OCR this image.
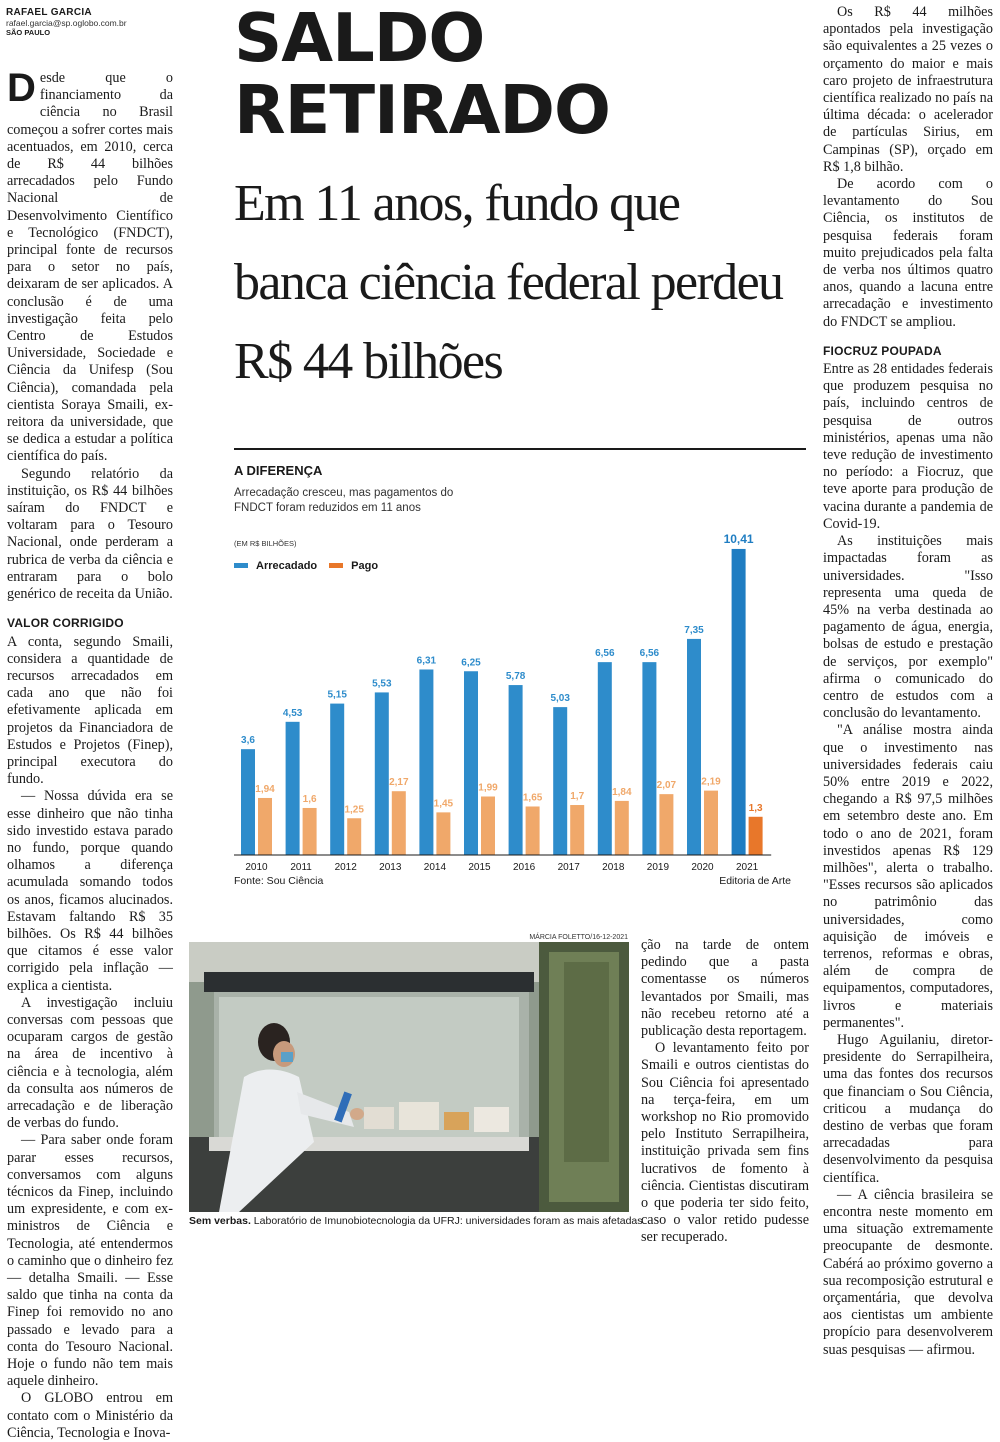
RAFAEL GARCIA
rafael.garcia@sp.oglobo.com.br
SÃO PAULO

Desde que o financiamento da ciência no Brasil começou a sofrer cortes mais acentuados, em 2010, cerca de R$ 44 bilhões arrecadados pelo Fundo Nacional de Desenvolvimento Científico e Tecnológico (FNDCT), principal fonte de recursos para o setor no país, deixaram de ser aplicados. A conclusão é de uma investigação feita pelo Centro de Estudos Universidade, Sociedade e Ciência da Unifesp (Sou Ciência), comandada pela cientista Soraya Smaili, ex-reitora da universidade, que se dedica a estudar a política científica do país.

Segundo relatório da instituição, os R$ 44 bilhões saíram do FNDCT e voltaram para o Tesouro Nacional, onde perderam a rubrica de verba da ciência e entraram para o bolo genérico de receita da União.

VALOR CORRIGIDO

A conta, segundo Smaili, considera a quantidade de recursos arrecadados em cada ano que não foi efetivamente aplicada em projetos da Financiadora de Estudos e Projetos (Finep), principal executora do fundo.

— Nossa dúvida era se esse dinheiro que não tinha sido investido estava parado no fundo, porque quando olhamos a diferença acumulada somando todos os anos, ficamos alucinados. Estavam faltando R$ 35 bilhões. Os R$ 44 bilhões que citamos é esse valor corrigido pela inflação — explica a cientista.

A investigação incluiu conversas com pessoas que ocuparam cargos de gestão na área de incentivo à ciência e à tecnologia, além da consulta aos números de arrecadação e de liberação de verbas do fundo.

— Para saber onde foram parar esses recursos, conversamos com alguns técnicos da Finep, incluindo um expresidente, e com ex-ministros de Ciência e Tecnologia, até entendermos o caminho que o dinheiro fez — detalha Smaili. — Esse saldo que tinha na conta da Finep foi removido no ano passado e levado para a conta do Tesouro Nacional. Hoje o fundo não tem mais aquele dinheiro.

O GLOBO entrou em contato com o Ministério da Ciência, Tecnologia e Inova-

SALDO RETIRADO
Em 11 anos, fundo que banca ciência federal perdeu R$ 44 bilhões
A DIFERENÇA
Arrecadação cresceu, mas pagamentos do FNDCT foram reduzidos em 11 anos
(EM R$ BILHÕES)
Arrecadado	Pago
3,6
1,94
2010
4,53
1,6
2011
5,15
1,25
2012
5,53
2,17
2013
6,31
1,45
2014
6,25
1,99
2015
5,78
1,65
2016
5,03
1,7
2017
6,56
1,84
2018
6,56
2,07
2019
7,35
2,19
2020
10,41
1,3
2021
Fonte: Sou Ciência	Editoria de Arte
MÁRCIA FOLETTO/16-12-2021
Sem verbas. Laboratório de Imunobiotecnologia da UFRJ: universidades foram as mais afetadas

ção na tarde de ontem pedindo que a pasta comentasse os números levantados por Smaili, mas não recebeu retorno até a publicação desta reportagem.

O levantamento feito por Smaili e outros cientistas do Sou Ciência foi apresentado na terça-feira, em um workshop no Rio promovido pelo Instituto Serrapilheira, instituição privada sem fins lucrativos de fomento à ciência. Cientistas discutiram o que poderia ter sido feito, caso o valor retido pudesse ser recuperado.

Os R$ 44 milhões apontados pela investigação são equivalentes a 25 vezes o orçamento do maior e mais caro projeto de infraestrutura científica realizado no país na última década: o acelerador de partículas Sirius, em Campinas (SP), orçado em R$ 1,8 bilhão.

De acordo com o levantamento do Sou Ciência, os institutos de pesquisa federais foram muito prejudicados pela falta de verba nos últimos quatro anos, quando a lacuna entre arrecadação e investimento do FNDCT se ampliou.

FIOCRUZ POUPADA

Entre as 28 entidades federais que produzem pesquisa no país, incluindo centros de pesquisa de outros ministérios, apenas uma não teve redução de investimento no período: a Fiocruz, que teve aporte para produção de vacina durante a pandemia de Covid-19.

As instituições mais impactadas foram as universidades. "Isso representa uma queda de 45% na verba destinada ao pagamento de água, energia, bolsas de estudo e prestação de serviços, por exemplo" afirma o comunicado do centro de estudos com a conclusão do levantamento.

"A análise mostra ainda que o investimento nas universidades federais caiu 50% entre 2019 e 2022, chegando a R$ 97,5 milhões em setembro deste ano. Em todo o ano de 2021, foram investidos apenas R$ 129 milhões", alerta o trabalho. "Esses recursos são aplicados no patrimônio das universidades, como aquisição de imóveis e terrenos, reformas e obras, além de compra de equipamentos, computadores, livros e materiais permanentes".

Hugo Aguilaniu, diretor-presidente do Serrapilheira, uma das fontes dos recursos que financiam o Sou Ciência, criticou a mudança do destino de verbas que foram arrecadadas para desenvolvimento da pesquisa científica.

— A ciência brasileira se encontra neste momento em uma situação extremamente preocupante de desmonte. Cabérá ao próximo governo a sua recomposição estrutural e orçamentária, que devolva aos cientistas um ambiente propício para desenvolverem suas pesquisas — afirmou.
